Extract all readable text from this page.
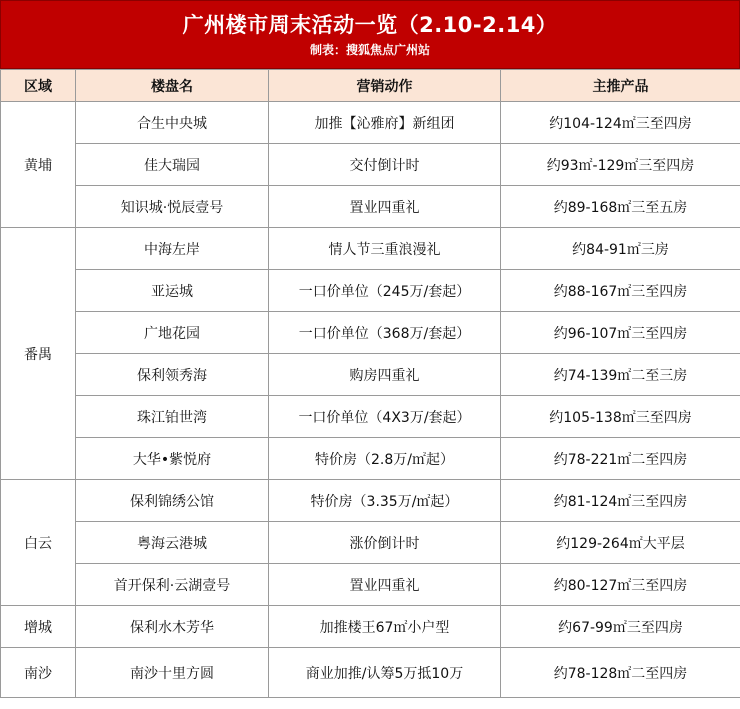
广州楼市周末活动一览（2.10-2.14）
制表：搜狐焦点广州站
区域	楼盘名	营销动作	主推产品
黄埔	合生中央城	加推【沁雅府】新组团	约104-124㎡三至四房
	佳大瑞园	交付倒计时	约93㎡-129㎡三至四房
	知识城·悦辰壹号	置业四重礼	约89-168㎡三至五房
番禺	中海左岸	情人节三重浪漫礼	约84-91㎡三房
	亚运城	一口价单位（245万/套起）	约88-167㎡三至四房
	广地花园	一口价单位（368万/套起）	约96-107㎡三至四房
	保利领秀海	购房四重礼	约74-139㎡二至三房
	珠江铂世湾	一口价单位（4X3万/套起）	约105-138㎡三至四房
	大华•紫悦府	特价房（2.8万/㎡起）	约78-221㎡二至四房
白云	保利锦绣公馆	特价房（3.35万/㎡起）	约81-124㎡三至四房
	粤海云港城	涨价倒计时	约129-264㎡大平层
	首开保利·云湖壹号	置业四重礼	约80-127㎡三至四房
增城	保利水木芳华	加推楼王67㎡小户型	约67-99㎡三至四房
南沙	南沙十里方圆	商业加推/认筹5万抵10万	约78-128㎡二至四房
